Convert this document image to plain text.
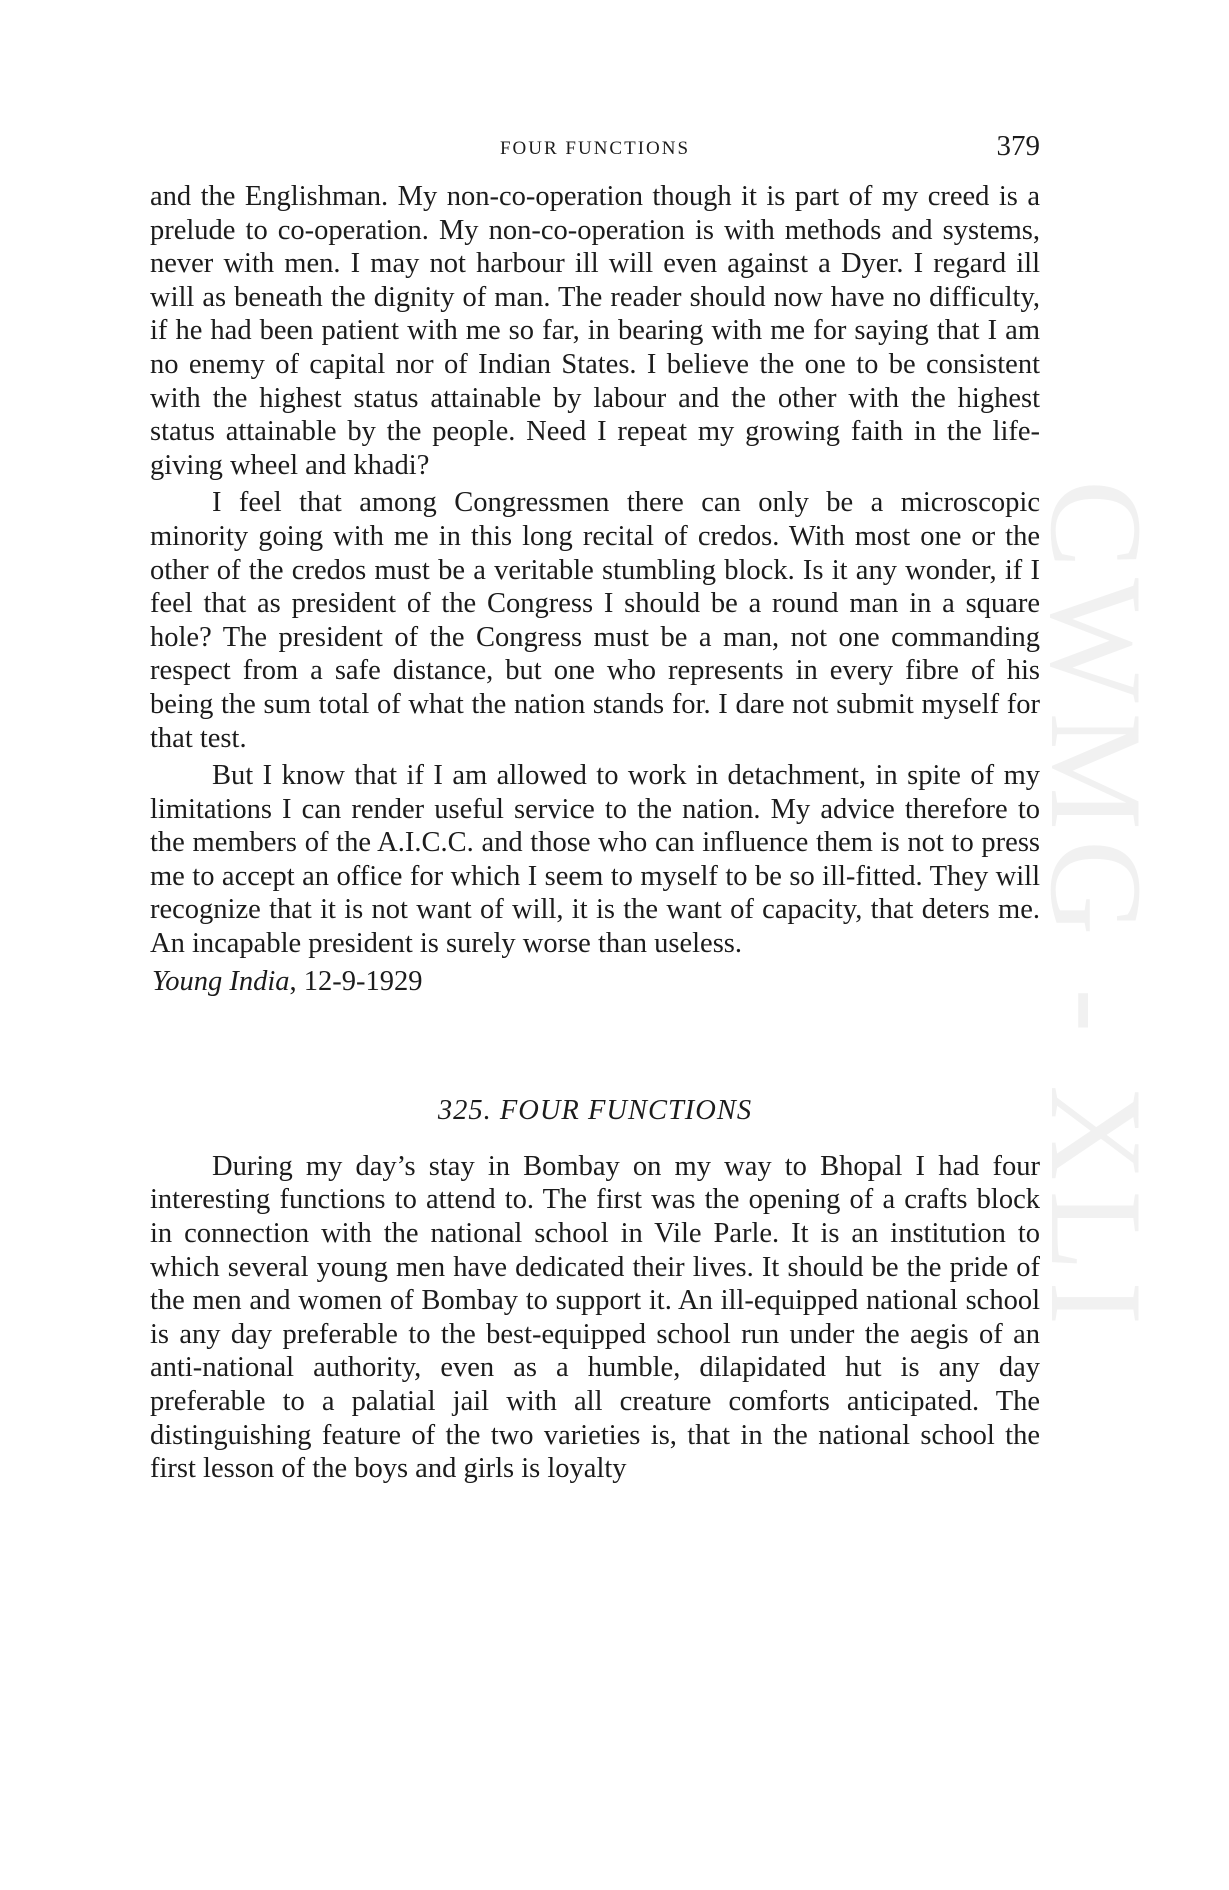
CWMG - XLI
FOUR FUNCTIONS	379

and the Englishman. My non-co-operation though it is part of my creed is a prelude to co-operation. My non-co-operation is with methods and systems, never with men. I may not harbour ill will even against a Dyer. I regard ill will as beneath the dignity of man. The reader should now have no difficulty, if he had been patient with me so far, in bearing with me for saying that I am no enemy of capital nor of Indian States. I believe the one to be consistent with the highest status attainable by labour and the other with the highest status attainable by the people. Need I repeat my growing faith in the life-giving wheel and khadi?

I feel that among Congressmen there can only be a microscopic minority going with me in this long recital of credos. With most one or the other of the credos must be a veritable stumbling block. Is it any wonder, if I feel that as president of the Congress I should be a round man in a square hole? The president of the Congress must be a man, not one commanding respect from a safe distance, but one who represents in every fibre of his being the sum total of what the nation stands for. I dare not submit myself for that test.

But I know that if I am allowed to work in detachment, in spite of my limitations I can render useful service to the nation. My advice therefore to the members of the A.I.C.C. and those who can influence them is not to press me to accept an office for which I seem to myself to be so ill-fitted. They will recognize that it is not want of will, it is the want of capacity, that deters me. An incapable president is surely worse than useless.

Young India, 12-9-1929
325. FOUR FUNCTIONS

During my day’s stay in Bombay on my way to Bhopal I had four interesting functions to attend to. The first was the opening of a crafts block in connection with the national school in Vile Parle. It is an institution to which several young men have dedicated their lives. It should be the pride of the men and women of Bombay to support it. An ill-equipped national school is any day preferable to the best-equipped school run under the aegis of an anti-national authority, even as a humble, dilapidated hut is any day preferable to a palatial jail with all creature comforts anticipated. The distinguishing feature of the two varieties is, that in the national school the first lesson of the boys and girls is loyalty
